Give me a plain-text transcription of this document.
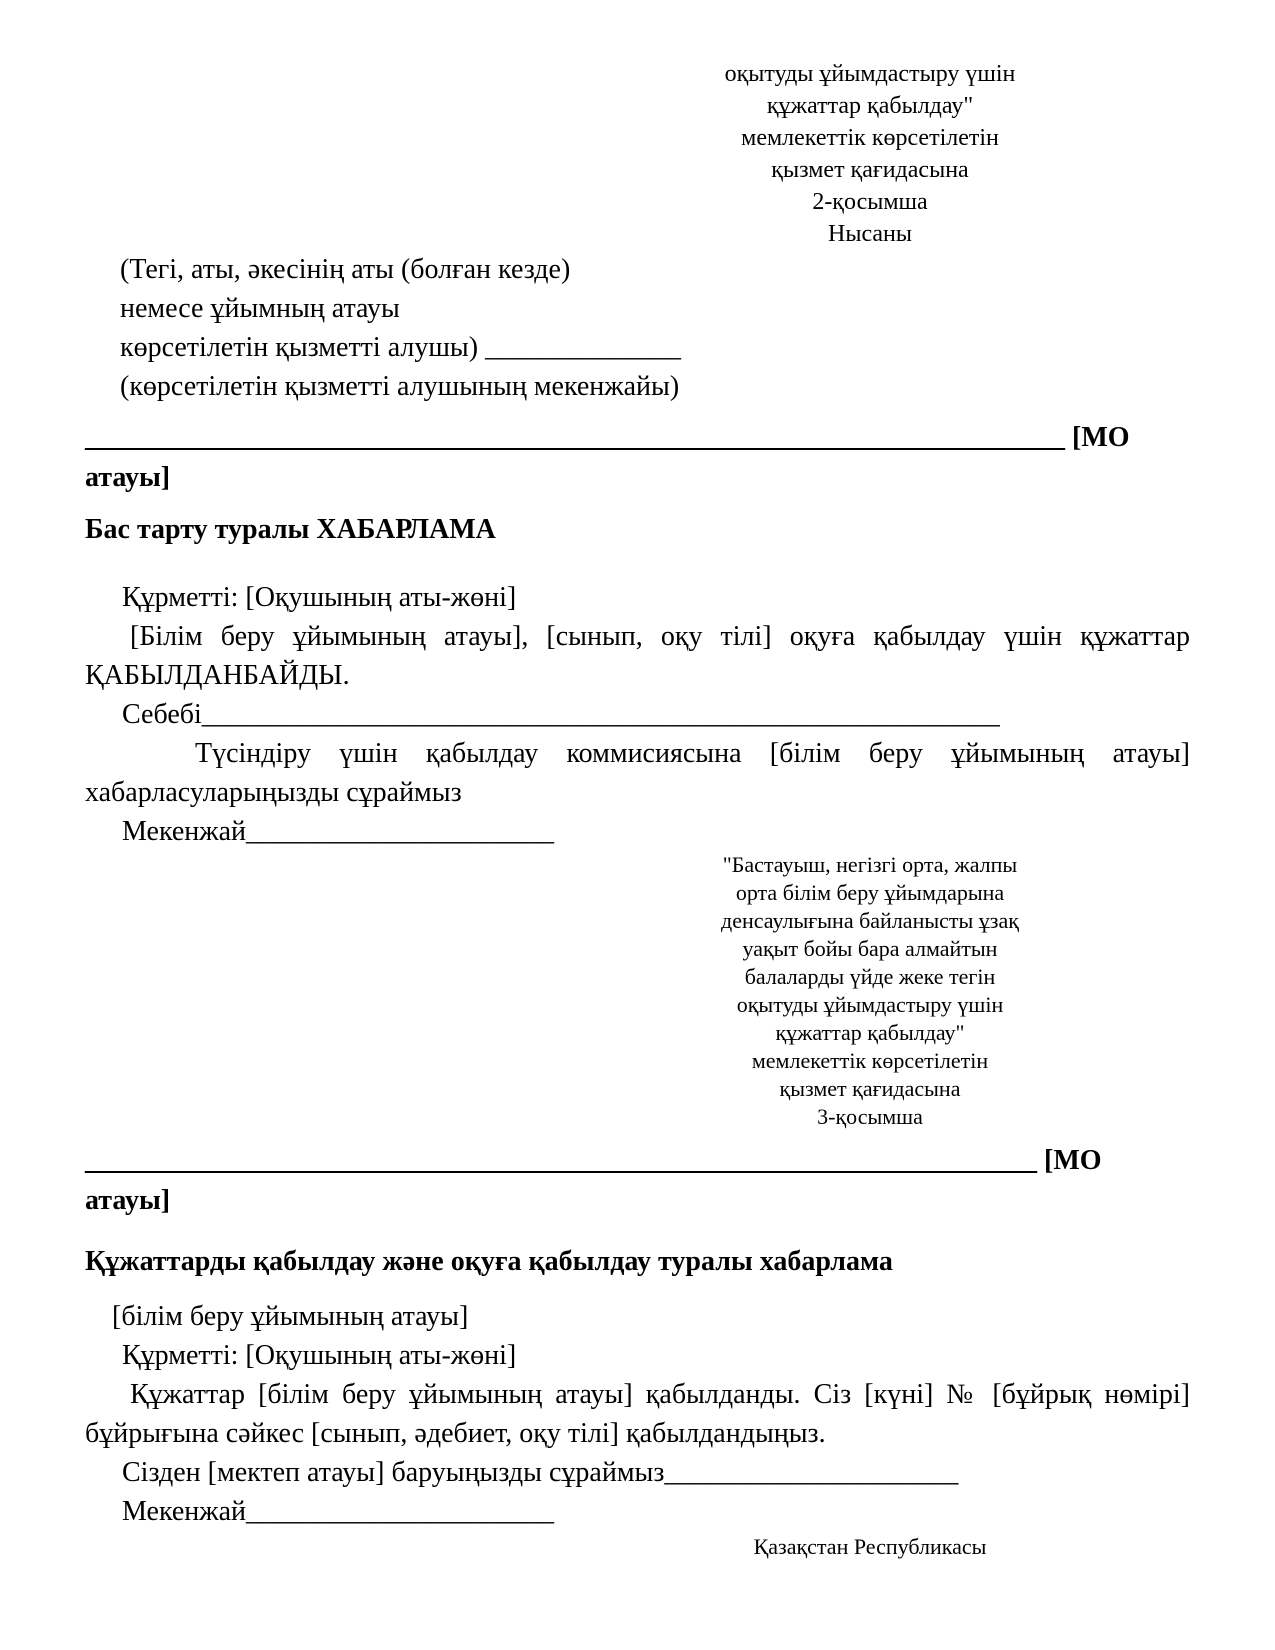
оқытуды ұйымдастыру үшін
құжаттар қабылдау"
мемлекеттік көрсетілетін
қызмет қағидасына
2-қосымша
Нысаны
(Тегі, аты, әкесінің аты (болған кезде)
немесе ұйымның атауы
көрсетілетін қызметті алушы) ______________
(көрсетілетін қызметті алушының мекенжайы)
______________________________________________________________________ [МО
атауы]
Бас тарту туралы ХАБАРЛАМА
Құрметті: [Оқушының аты-жөні]
[Білім беру ұйымының атауы], [сынып, оқу тілі] оқуға қабылдау үшін құжаттар
ҚАБЫЛДАНБАЙДЫ.
Себебі_________________________________________________________
Түсіндіру үшін қабылдау коммисиясына [білім беру ұйымының атауы]
хабарласуларыңызды сұраймыз
Мекенжай______________________
"Бастауыш, негізгі орта, жалпы
орта білім беру ұйымдарына
денсаулығына байланысты ұзақ
уақыт бойы бара алмайтын
балаларды үйде жеке тегін
оқытуды ұйымдастыру үшін
құжаттар қабылдау"
мемлекеттік көрсетілетін
қызмет қағидасына
3-қосымша
____________________________________________________________________ [МО
атауы]
Құжаттарды қабылдау және оқуға қабылдау туралы хабарлама
[білім беру ұйымының атауы]
Құрметті: [Оқушының аты-жөні]
Құжаттар [білім беру ұйымының атауы] қабылданды. Сіз [күні] № [бұйрық нөмірі]
бұйрығына сәйкес [сынып, әдебиет, оқу тілі] қабылдандыңыз.
Сізден [мектеп атауы] баруыңызды сұраймыз_____________________
Мекенжай______________________
Қазақстан Республикасы
